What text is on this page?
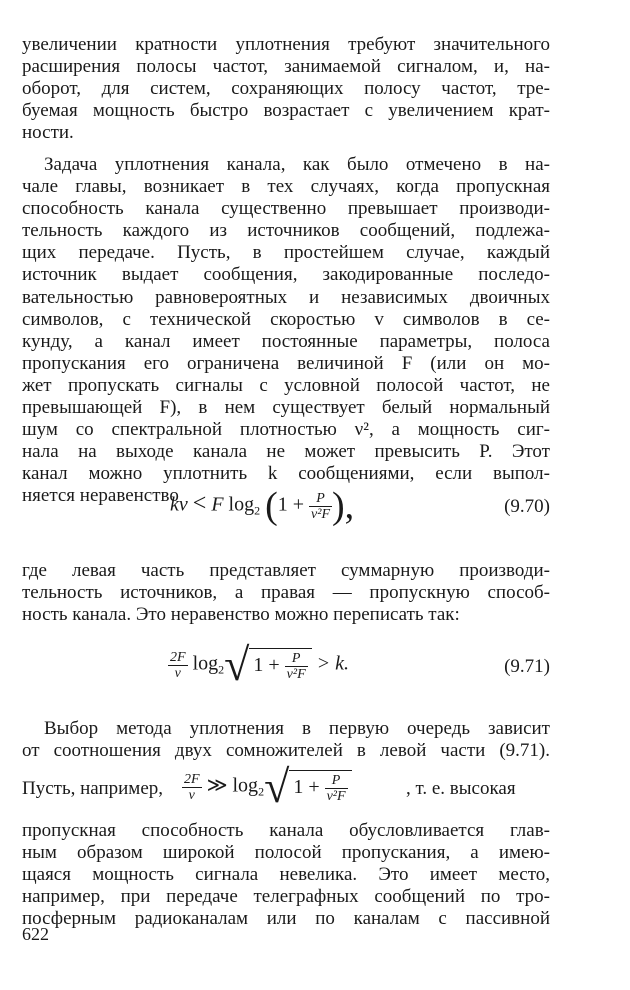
увеличении кратности уплотнения требуют значительного
расширения полосы частот, занимаемой сигналом, и, на-
оборот, для систем, сохраняющих полосу частот, тре-
буемая мощность быстро возрастает с увеличением крат-
ности.
Задача уплотнения канала, как было отмечено в на-
чале главы, возникает в тех случаях, когда пропускная
способность канала существенно превышает производи-
тельность каждого из источников сообщений, подлежа-
щих передаче. Пусть, в простейшем случае, каждый
источник выдает сообщения, закодированные последо-
вательностью равновероятных и независимых двоичных
символов, с технической скоростью v символов в се-
кунду, а канал имеет постоянные параметры, полоса
пропускания его ограничена величиной F (или он мо-
жет пропускать сигналы с условной полосой частот, не
превышающей F), в нем существует белый нормальный
шум со спектральной плотностью ν², а мощность сиг-
нала на выходе канала не может превысить P. Этот
канал можно уплотнить k сообщениями, если выпол-
няется неравенство
kv < F $\log_2 (1 + \frac{P}{\text{ν²F}}$ ),	(9.70)
где левая часть представляет суммарную производи-
тельность источников, а правая — пропускную способ-
ность канала. Это неравенство можно переписать так:
$\frac{2F}{v} \log_2√$ $1 + \frac{P}{\text{ν²F}} > k$.	(9.71)
Выбор метода уплотнения в первую очередь зависит
от соотношения двух сомножителей в левой части (9.71).
Пусть, например, $\frac{2F}{v}$ ≫ $\log_2√$ $1 + \frac{P}{\text{ν²F}}$	, т. е. высокая
пропускная способность канала обусловливается глав-
ным образом широкой полосой пропускания, а имею-
щаяся мощность сигнала невелика. Это имеет место,
например, при передаче телеграфных сообщений по тро-
посферным радиоканалам или по каналам с пассивной
622
